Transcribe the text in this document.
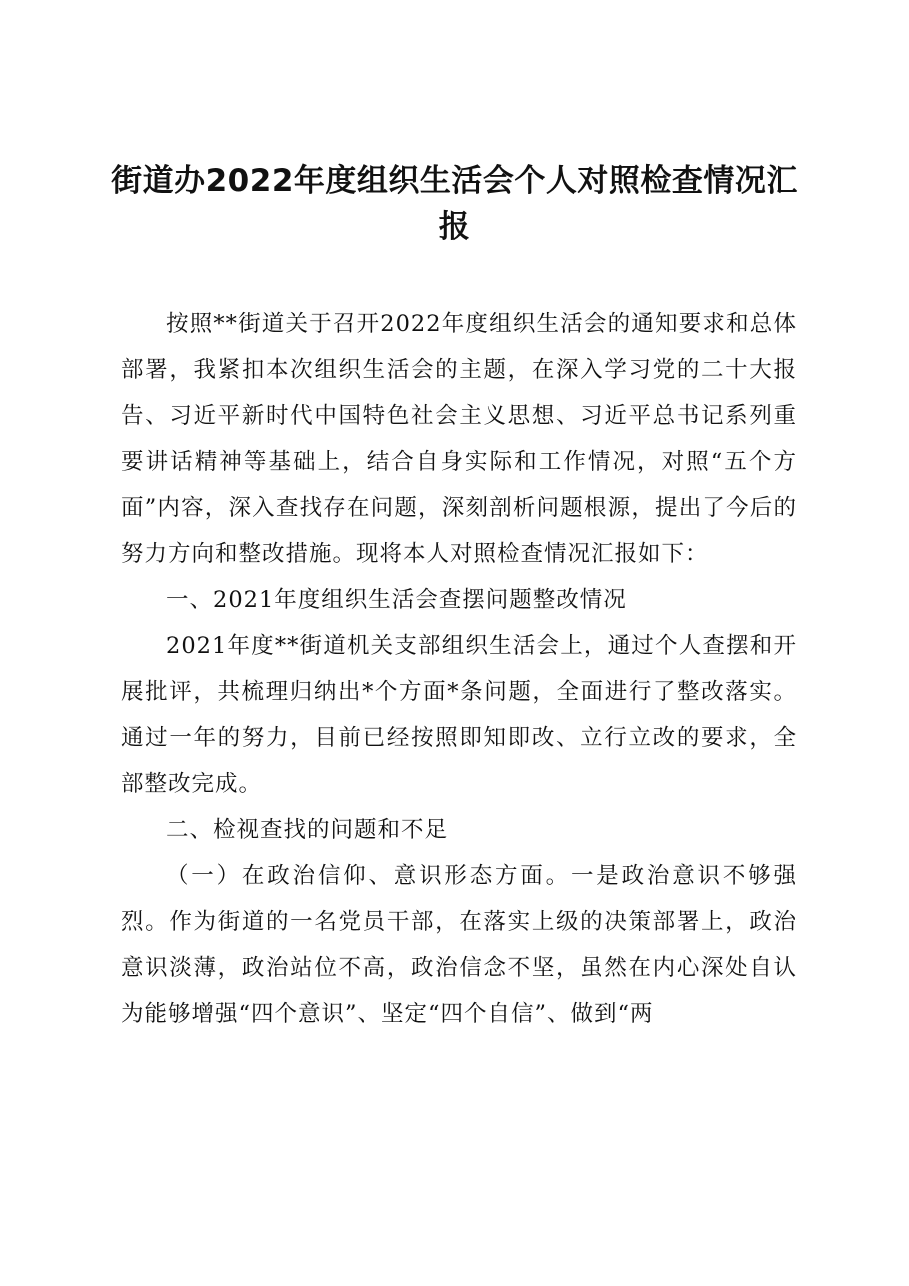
街道办2022年度组织生活会个人对照检查情况汇报

按照**街道关于召开2022年度组织生活会的通知要求和总体部署，我紧扣本次组织生活会的主题，在深入学习党的二十大报告、习近平新时代中国特色社会主义思想、习近平总书记系列重要讲话精神等基础上，结合自身实际和工作情况，对照“五个方面”内容，深入查找存在问题，深刻剖析问题根源，提出了今后的努力方向和整改措施。现将本人对照检查情况汇报如下：

一、2021年度组织生活会查摆问题整改情况

2021年度**街道机关支部组织生活会上，通过个人查摆和开展批评，共梳理归纳出*个方面*条问题，全面进行了整改落实。通过一年的努力，目前已经按照即知即改、立行立改的要求，全部整改完成。

二、检视查找的问题和不足

（一）在政治信仰、意识形态方面。一是政治意识不够强烈。作为街道的一名党员干部，在落实上级的决策部署上，政治意识淡薄，政治站位不高，政治信念不坚，虽然在内心深处自认为能够增强“四个意识”、坚定“四个自信”、做到“两
